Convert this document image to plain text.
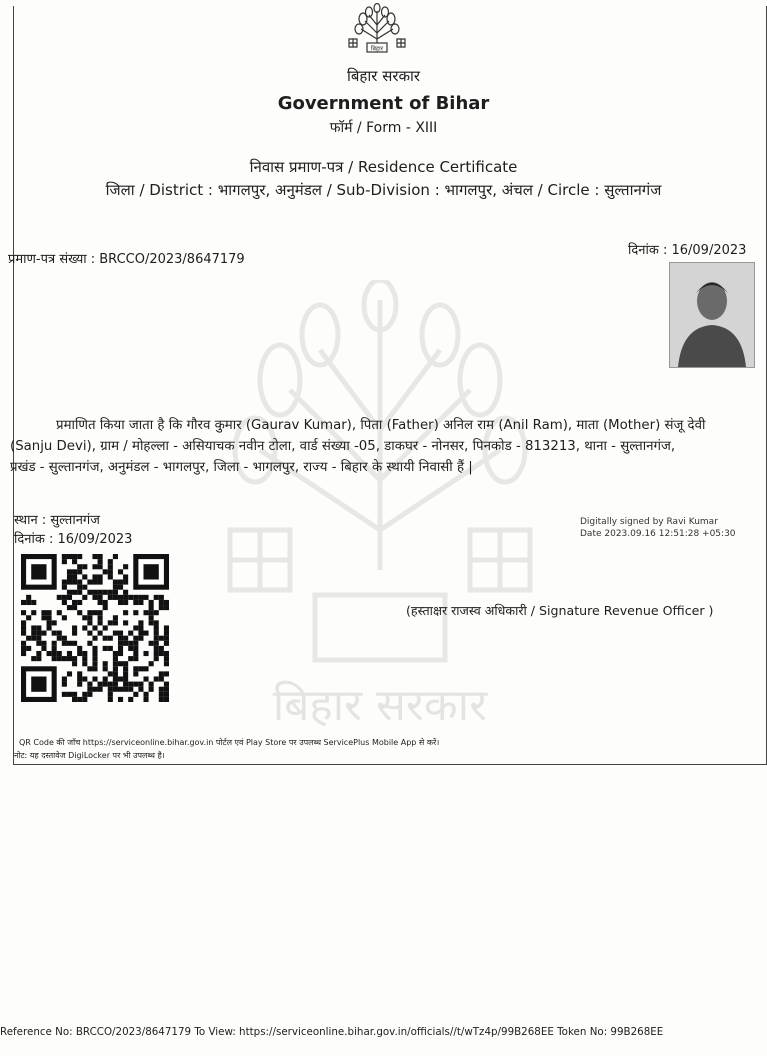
बिहार
बिहार सरकार
बिहार सरकार
Government of Bihar
फॉर्म / Form - XIII
निवास प्रमाण-पत्र / Residence Certificate
जिला / District : भागलपुर, अनुमंडल / Sub-Division : भागलपुर, अंचल / Circle : सुल्तानगंज
प्रमाण-पत्र संख्या : BRCCO/2023/8647179
दिनांक : 16/09/2023
प्रमाणित किया जाता है कि गौरव कुमार (Gaurav Kumar), पिता (Father) अनिल राम (Anil Ram), माता (Mother) संजू देवी
(Sanju Devi), ग्राम / मोहल्ला - असियाचक नवीन टोला, वार्ड संख्या -05, डाकघर - नोनसर, पिनकोड - 813213, थाना - सुल्तानगंज,
प्रखंड - सुल्तानगंज, अनुमंडल - भागलपुर, जिला - भागलपुर, राज्य - बिहार के स्थायी निवासी हैं |
स्थान : सुल्तानगंज
दिनांक : 16/09/2023
Digitally signed by Ravi Kumar
Date 2023.09.16 12:51:28 +05:30
(हस्ताक्षर राजस्व अधिकारी / Signature Revenue Officer )
QR Code की जाँच https://serviceonline.bihar.gov.in पोर्टल एवं Play Store पर उपलब्ध ServicePlus Mobile App से करें।
नोट: यह दस्तावेज DigiLocker पर भी उपलब्ध है।
Reference No: BRCCO/2023/8647179 To View: https://serviceonline.bihar.gov.in/officials//t/wTz4p/99B268EE Token No: 99B268EE
